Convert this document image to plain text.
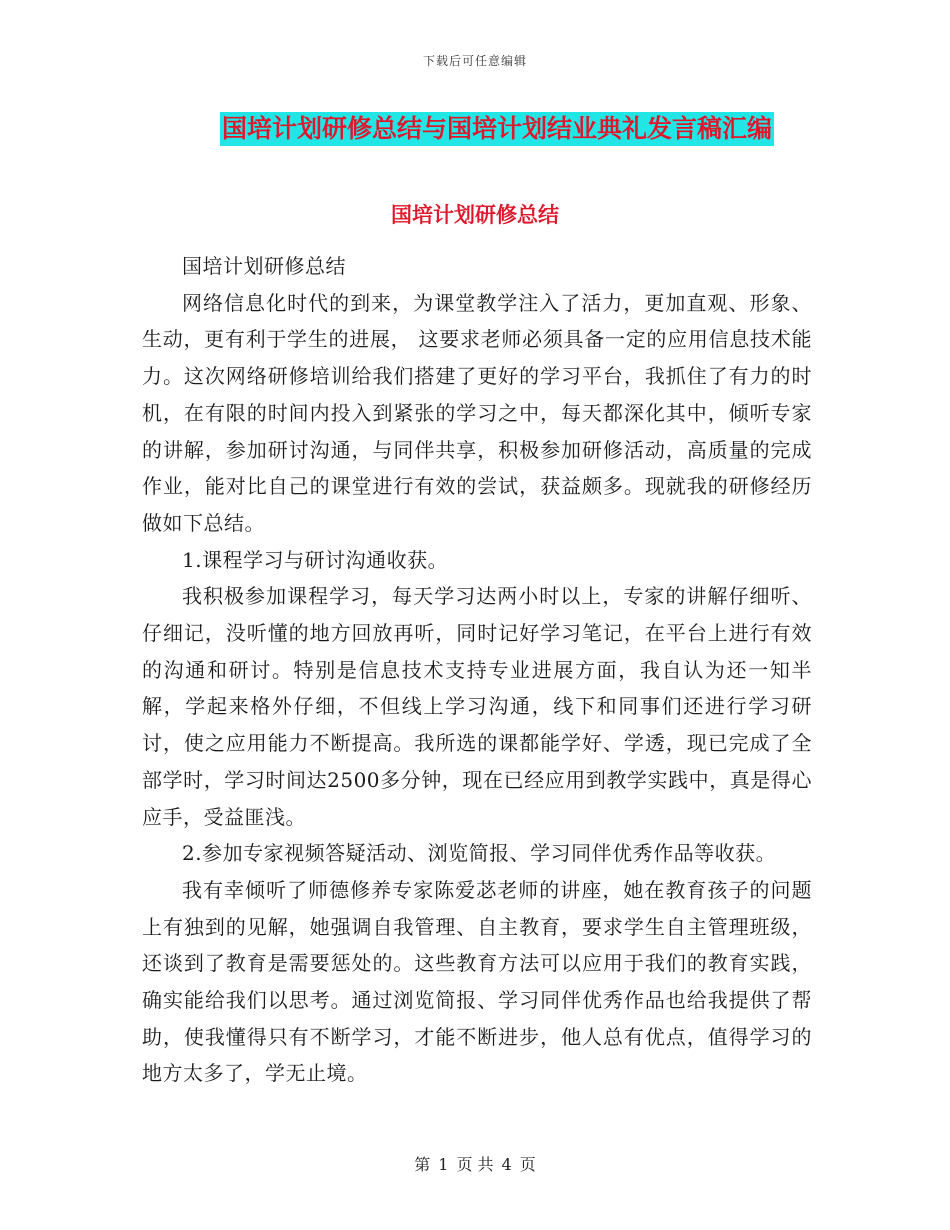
下载后可任意编辑
国培计划研修总结与国培计划结业典礼发言稿汇编
国培计划研修总结

国培计划研修总结

网络信息化时代的到来，为课堂教学注入了活力，更加直观、形象、生动，更有利于学生的进展， 这要求老师必须具备一定的应用信息技术能力。这次网络研修培训给我们搭建了更好的学习平台，我抓住了有力的时机，在有限的时间内投入到紧张的学习之中，每天都深化其中，倾听专家的讲解，参加研讨沟通，与同伴共享，积极参加研修活动，高质量的完成作业，能对比自己的课堂进行有效的尝试，获益颇多。现就我的研修经历做如下总结。

1.课程学习与研讨沟通收获。

我积极参加课程学习，每天学习达两小时以上，专家的讲解仔细听、仔细记，没听懂的地方回放再听，同时记好学习笔记，在平台上进行有效的沟通和研讨。特别是信息技术支持专业进展方面，我自认为还一知半解，学起来格外仔细，不但线上学习沟通，线下和同事们还进行学习研讨，使之应用能力不断提高。我所选的课都能学好、学透，现已完成了全部学时，学习时间达2500多分钟，现在已经应用到教学实践中，真是得心应手，受益匪浅。

2.参加专家视频答疑活动、浏览简报、学习同伴优秀作品等收获。

我有幸倾听了师德修养专家陈爱苾老师的讲座，她在教育孩子的问题上有独到的见解，她强调自我管理、自主教育，要求学生自主管理班级，还谈到了教育是需要惩处的。这些教育方法可以应用于我们的教育实践，确实能给我们以思考。通过浏览简报、学习同伴优秀作品也给我提供了帮助，使我懂得只有不断学习，才能不断进步，他人总有优点，值得学习的地方太多了，学无止境。

第 1 页 共 4 页
